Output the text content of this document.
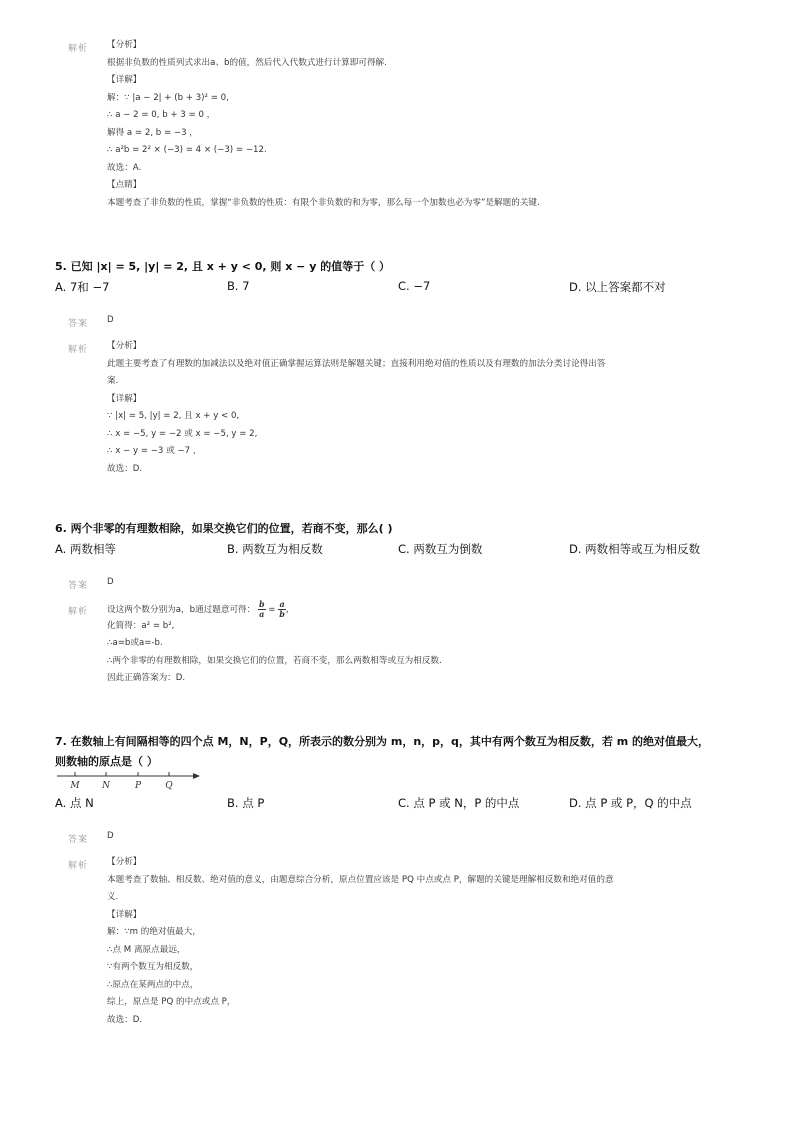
解析 【分析】
根据非负数的性质列式求出a、b的值，然后代入代数式进行计算即可得解.
【详解】
解：∵ |a − 2| + (b + 3)² = 0,
∴ a − 2 = 0, b + 3 = 0 ，
解得 a = 2, b = −3 ，
∴ a²b = 2² × (−3) = 4 × (−3) = −12.
故选：A.
【点睛】
本题考查了非负数的性质，掌握“非负数的性质：有限个非负数的和为零，那么每一个加数也必为零”是解题的关键.
5. 已知 |x| = 5, |y| = 2, 且 x + y < 0, 则 x − y 的值等于（ ）
A. 7和 −7	B. 7	C. −7	D. 以上答案都不对
答案 D
解析 【分析】
此题主要考查了有理数的加减法以及绝对值正确掌握运算法则是解题关键；直接利用绝对值的性质以及有理数的加法分类讨论得出答
案.
【详解】
∵ |x| = 5, |y| = 2, 且 x + y < 0,
∴ x = −5, y = −2 或 x = −5, y = 2,
∴ x − y = −3 或 −7 ，
故选：D.
6. 两个非零的有理数相除，如果交换它们的位置，若商不变，那么( )
A. 两数相等	B. 两数互为相反数	C. 两数互为倒数	D. 两数相等或互为相反数
答案 D
解析 设这两个数分别为a，b通过题意可得： $\frac{b}{a} = \frac{a}{b}$ ,
化简得：a² = b²,
∴a=b或a=-b.
∴两个非零的有理数相除，如果交换它们的位置，若商不变，那么两数相等或互为相反数.
因此正确答案为：D.
7. 在数轴上有间隔相等的四个点 M，N，P，Q，所表示的数分别为 m，n，p，q，其中有两个数互为相反数，若 m 的绝对值最大，
则数轴的原点是（ ）
M N	P	Q
A. 点 N	B. 点 P	C. 点 P 或 N，P 的中点	D. 点 P 或 P，Q 的中点
答案 D
解析 【分析】
本题考查了数轴、相反数、绝对值的意义，由题意综合分析，原点位置应该是 PQ 中点或点 P，解题的关键是理解相反数和绝对值的意
义.
【详解】
解：∵m 的绝对值最大，
∴点 M 离原点最远，
∵有两个数互为相反数，
∴原点在某两点的中点，
综上，原点是 PQ 的中点或点 P，
故选：D.
